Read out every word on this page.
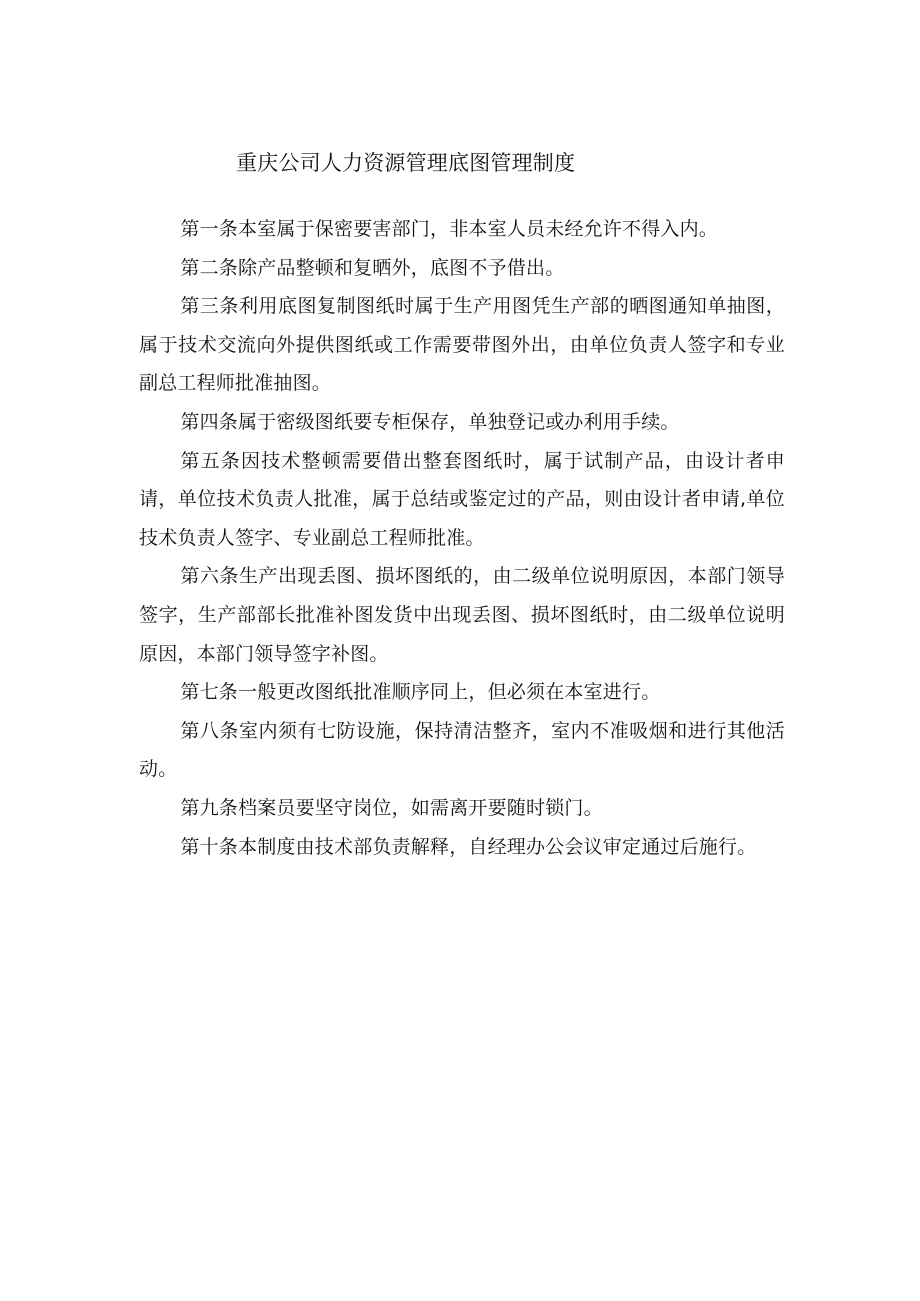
重庆公司人力资源管理底图管理制度

第一条本室属于保密要害部门，非本室人员未经允许不得入内。

第二条除产品整顿和复晒外，底图不予借出。

第三条利用底图复制图纸时属于生产用图凭生产部的晒图通知单抽图，属于技术交流向外提供图纸或工作需要带图外出，由单位负责人签字和专业副总工程师批准抽图。

第四条属于密级图纸要专柜保存，单独登记或办利用手续。

第五条因技术整顿需要借出整套图纸时，属于试制产品，由设计者申请，单位技术负责人批准，属于总结或鉴定过的产品，则由设计者申请,单位技术负责人签字、专业副总工程师批准。

第六条生产出现丢图、损坏图纸的，由二级单位说明原因，本部门领导签字，生产部部长批准补图发货中出现丢图、损坏图纸时，由二级单位说明原因，本部门领导签字补图。

第七条一般更改图纸批准顺序同上，但必须在本室进行。

第八条室内须有七防设施，保持清洁整齐，室内不准吸烟和进行其他活动。

第九条档案员要坚守岗位，如需离开要随时锁门。

第十条本制度由技术部负责解释，自经理办公会议审定通过后施行。
